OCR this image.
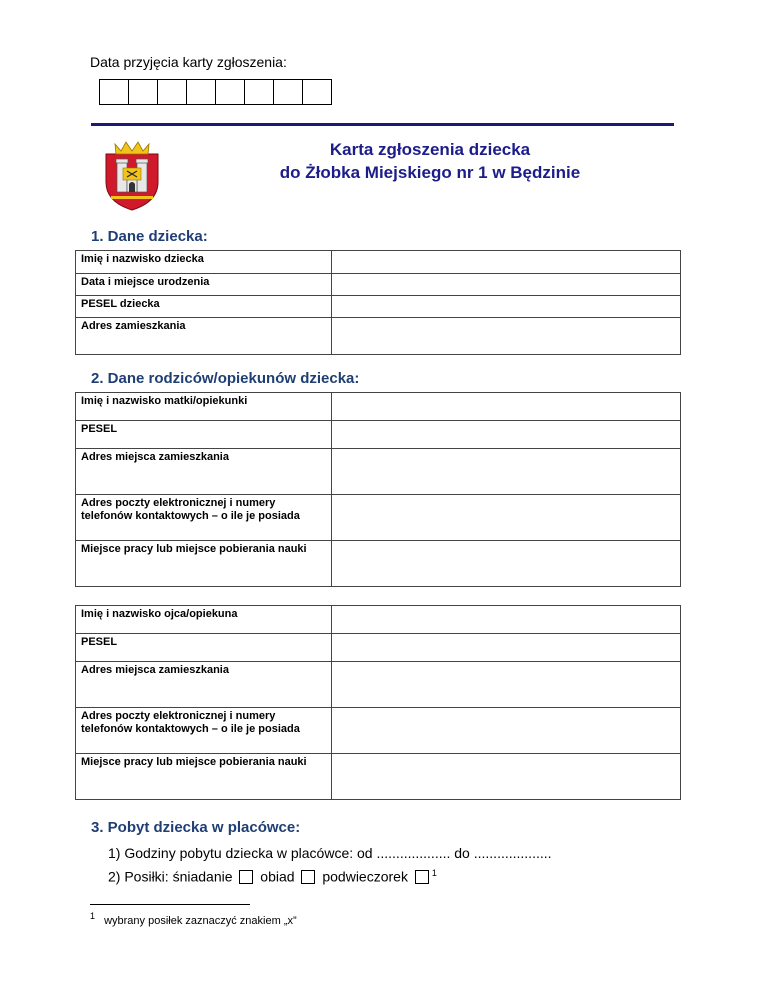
Data przyjęcia karty zgłoszenia:
Karta zgłoszenia dziecka
do Żłobka Miejskiego nr 1 w Będzinie
1. Dane dziecka:
Imię i nazwisko dziecka	
Data i miejsce urodzenia	
PESEL dziecka	
Adres zamieszkania	
2. Dane rodziców/opiekunów dziecka:
Imię i nazwisko matki/opiekunki	
PESEL	
Adres miejsca zamieszkania	
Adres poczty elektronicznej i numery telefonów kontaktowych – o ile je posiada	
Miejsce pracy lub miejsce pobierania nauki	
Imię i nazwisko ojca/opiekuna	
PESEL	
Adres miejsca zamieszkania	
Adres poczty elektronicznej i numery telefonów kontaktowych – o ile je posiada	
Miejsce pracy lub miejsce pobierania nauki	
3. Pobyt dziecka w placówce:
1) Godziny pobytu dziecka w placówce: od ................... do ....................
2) Posiłki: śniadanie obiad podwieczorek	$^1$
$^1$ wybrany posiłek zaznaczyć znakiem „x”
